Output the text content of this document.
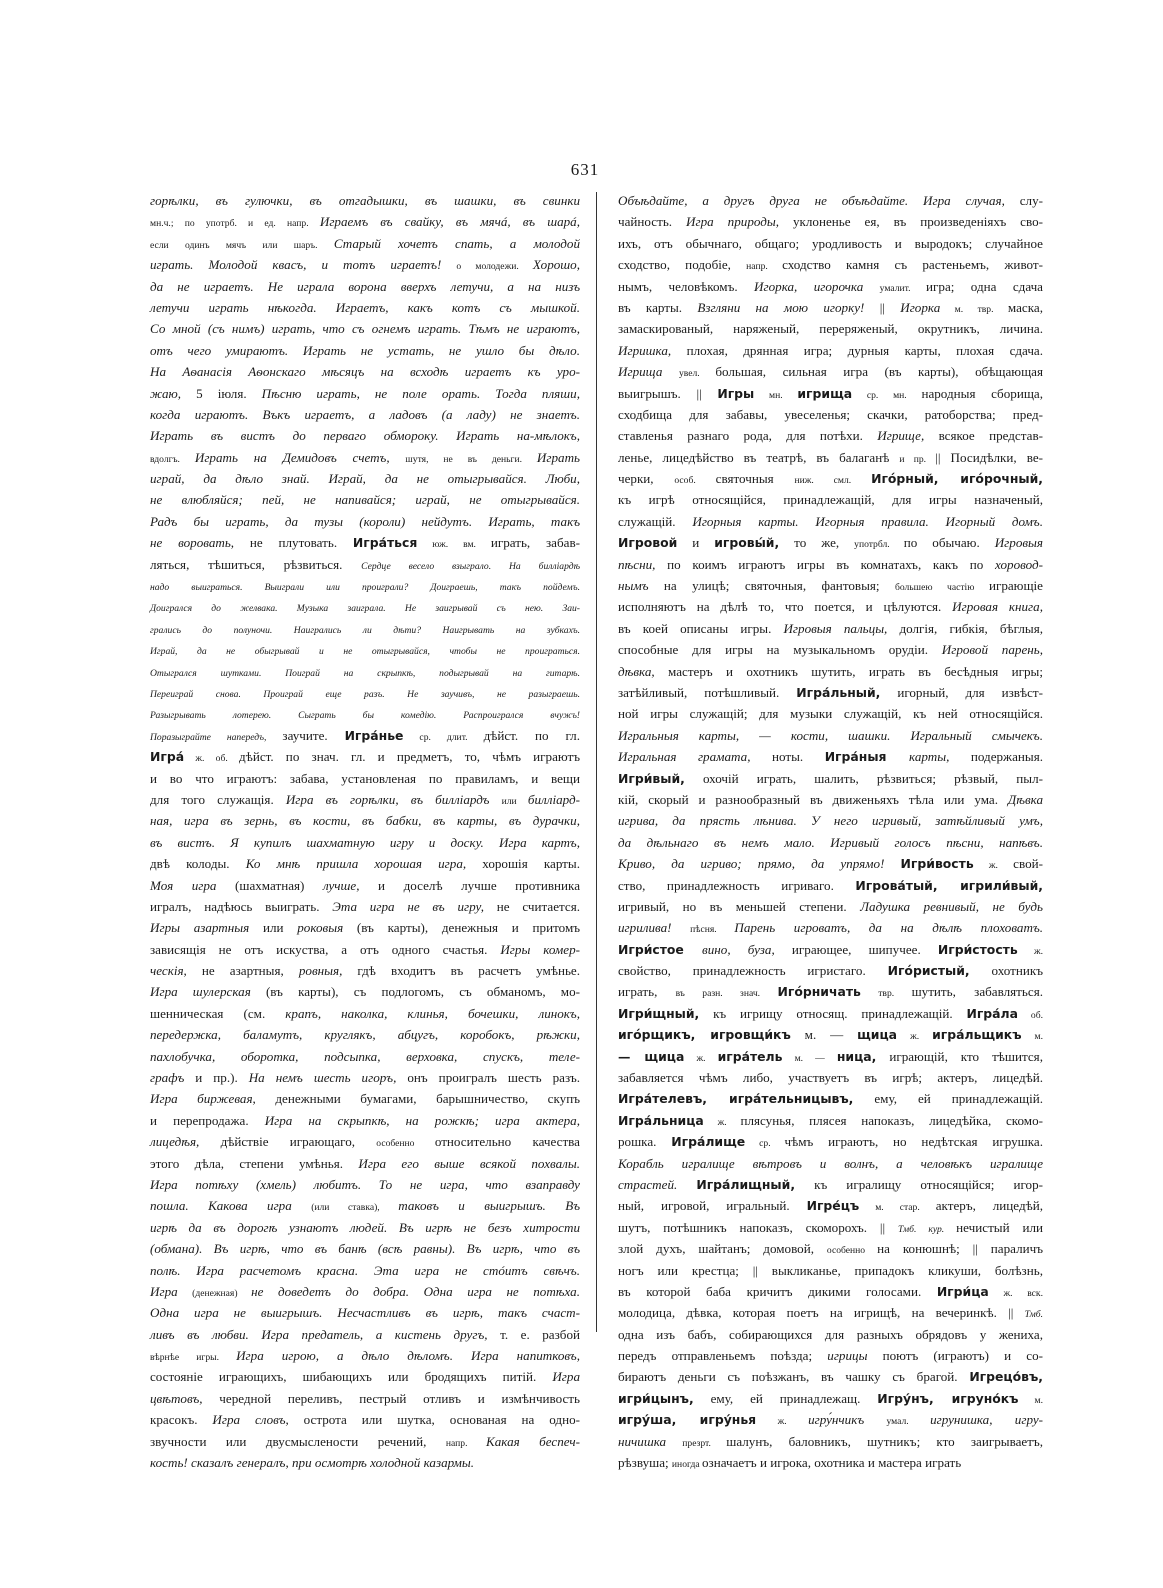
631
горѣлки, въ гулючки, въ отгадышки, въ шашки, въ свинки
мн.ч.; по употрб. и ед. напр. Играемъ въ свайку, въ мячá, въ шарá,
если одинъ мячъ или шаръ. Старый хочетъ спать, а молодой
играть. Молодой квасъ, и тотъ играетъ! о молодежи. Хорошо,
да не играетъ. Не играла ворона вверхъ летучи, а на низъ
летучи играть нѣкогда. Играетъ, какъ котъ съ мышкой.
Со мной (съ нимъ) играть, что съ огнемъ играть. Тѣмъ не играютъ,
отъ чего умираютъ. Играть не устать, не ушло бы дѣло.
На Аѳанасія Аѳонскаго мѣсяцъ на всходѣ играетъ къ уро-
жаю, 5 іюля. Пѣсню играть, не поле орать. Тогда пляши,
когда играютъ. Въкъ играетъ, а ладовъ (а ладу) не знаетъ.
Играть въ вистъ до перваго обмороку. Играть на-мѣлокъ,
вдолгъ. Играть на Демидовъ счетъ, шутя, не въ деньги. Играть
играй, да дѣло знай. Играй, да не отыгрывайся. Люби,
не влюбляйся; пей, не напивайся; играй, не отыгрывайся.
Радъ бы играть, да тузы (короли) нейдутъ. Играть, такъ
не воровать, не плутовать. Игра́ться юж. вм. играть, забав-
ляться, тѣшиться, рѣзвиться. Сердце весело взыграло. На билліардѣ
надо выиграться. Выиграли или проиграли? Доиграешь, такъ пойдемъ.
Доигрался до желвака. Музыка заиграла. Не заигрывай съ нею. Заи-
грались до полуночи. Наигрались ли дѣти? Наигрывать на зубкахъ.
Играй, да не обыгрывай и не отыгрывайся, чтобы не проиграться.
Отыгрался шутками. Поиграй на скрыпкѣ, подыгрывай на гитарѣ.
Переиграй снова. Проиграй еще разъ. Не заучивъ, не разыграешь.
Разыгрывать лотерею. Сыграть бы комедію. Распроигрался вчужъ!
Поразыграйте напередъ, заучите. Игра́нье ср. длит. дѣйст. по гл.
Игра́ ж. об. дѣйст. по знач. гл. и предметъ, то, чѣмъ играютъ
и во что играютъ: забава, установленая по правиламъ, и вещи
для того служащія. Игра въ горѣлки, въ билліардъ или билліард-
ная, игра въ зернь, въ кости, въ бабки, въ карты, въ дурачки,
въ вистъ. Я купилъ шахматную игру и доску. Игра картъ,
двѣ колоды. Ко мнѣ пришла хорошая игра, хорошія карты.
Моя игра (шахматная) лучше, и доселѣ лучше противника
игралъ, надѣюсь выиграть. Эта игра не въ игру, не считается.
Игры азартныя или роковыя (въ карты), денежныя и притомъ
зависящія не отъ искуства, а отъ одного счастья. Игры комер-
ческія, не азартныя, ровныя, гдѣ входитъ въ расчетъ умѣнье.
Игра шулерская (въ карты), съ подлогомъ, съ обманомъ, мо-
шенническая (см. крапъ, наколка, клинья, бочешки, линокъ,
передержка, баламутъ, круглякъ, абцугъ, коробокъ, рѣжки,
пахлобучка, оборотка, подсыпка, верховка, спускъ, теле-
графъ и пр.). На немъ шесть игоръ, онъ проигралъ шесть разъ.
Игра биржевая, денежными бумагами, барышничество, скупъ
и перепродажа. Игра на скрыпкѣ, на рожкѣ; игра актера,
лицедѣя, дѣйствіе играющаго, особенно относительно качества
этого дѣла, степени умѣнья. Игра его выше всякой похвалы.
Игра потѣху (хмель) любитъ. То не игра, что взаправду
пошла. Какова игра (или ставка), таковъ и выигрышъ. Въ
игрѣ да въ дорогѣ узнаютъ людей. Въ игрѣ не безъ хитрости
(обмана). Въ игрѣ, что въ банѣ (всѣ равны). Въ игрѣ, что въ
полѣ. Игра расчетомъ красна. Эта игра не стóитъ свѣчъ.
Игра (денежная) не доведетъ до добра. Одна игра не потѣха.
Одна игра не выигрышъ. Несчастливъ въ игрѣ, такъ счаст-
ливъ въ любви. Игра предатель, а кистень другъ, т. е. разбой
вѣрнѣе игры. Игра игрою, а дѣло дѣломъ. Игра напитковъ,
состояніе играющихъ, шибающихъ или бродящихъ питій. Игра
цвѣтовъ, чередной переливъ, пестрый отливъ и измѣнчивость
красокъ. Игра словъ, острота или шутка, основаная на одно-
звучности или двусмыслености речений, напр. Какая беспеч-
кость! сказалъ генералъ, при осмотрѣ холодной казармы.
Объѣдайте, а другъ друга не объѣдайте. Игра случая, слу-
чайность. Игра природы, уклоненье ея, въ произведеніяхъ сво-
ихъ, отъ обычнаго, общаго; уродливость и выродокъ; случайное
сходство, подобіе, напр. сходство камня съ растеньемъ, живот-
нымъ, человѣкомъ. Игорка, игорочка умалит. игра; одна сдача
въ карты. Взгляни на мою игорку! || Игорка м. твр. маска,
замаскированый, наряженый, переряженый, окрутникъ, личина.
Игришка, плохая, дрянная игра; дурныя карты, плохая сдача.
Игрища увел. большая, сильная игра (въ карты), обѣщающая
выигрышъ. || Игры мн. игрища ср. мн. народныя сборища,
сходбища для забавы, увеселенья; скачки, ратоборства; пред-
ставленья разнаго рода, для потѣхи. Игрище, всякое представ-
ленье, лицедѣйство въ театрѣ, въ балаганѣ и пр. || Посидѣлки, ве-
черки, особ. святочныя ниж. смл. Игóрный, игóрочный,
къ игрѣ относящійся, принадлежащій, для игры назначеный,
служащій. Игорныя карты. Игорныя правила. Игорный домъ.
Игровой и игровы́й, то же, употрбл. по обычаю. Игровыя
пѣсни, по коимъ играютъ игры въ комнатахъ, какъ по хоровод-
нымъ на улицѣ; святочныя, фантовыя; большею частію играющіе
исполняютъ на дѣлѣ то, что поется, и цѣлуются. Игровая книга,
въ коей описаны игры. Игровыя пальцы, долгія, гибкія, бѣглыя,
способные для игры на музыкальномъ орудіи. Игровой парень,
дѣвка, мастеръ и охотникъ шутить, играть въ бесѣдныя игры;
затѣйливый, потѣшливый. Игра́льный, игорный, для извѣст-
ной игры служащій; для музыки служащій, къ ней относящійся.
Игральныя карты, — кости, шашки. Игральный смычекъ.
Игральная грамата, ноты. Игра́ныя карты, подержаныя.
Игри́вый, охочій играть, шалить, рѣзвиться; рѣзвый, пыл-
кій, скорый и разнообразный въ движеньяхъ тѣла или ума. Дѣвка
игрива, да прясть лѣнива. У него игривый, затѣйливый умъ,
да дѣльнаго въ немъ мало. Игривый голосъ пѣсни, напѣвъ.
Криво, да игриво; прямо, да упрямо! Игри́вость ж. свой-
ство, принадлежность игриваго. Игрова́тый, игрили́вый,
игривый, но въ меньшей степени. Ладушка ревнивый, не будь
игрилива! пѣсня. Парень игроватъ, да на дѣлѣ плоховатъ.
Игри́стое вино, буза, играющее, шипучее. Игри́стость ж.
свойство, принадлежность игристаго. Игóристый, охотникъ
играть, въ разн. знач. Игóрничать твр. шутить, забавляться.
Игри́щный, къ игрищу относящ. принадлежащій. Игра́ла об.
игóрщикъ, игровщи́къ м. — щица ж. игра́льщикъ м.
— щица ж. игра́тель м. — ница, играющій, кто тѣшится,
забавляется чѣмъ либо, участвуетъ въ игрѣ; актеръ, лицедѣй.
Игра́телевъ, игра́тельницывъ, ему, ей принадлежащій.
Игра́льница ж. плясунья, плясея напоказъ, лицедѣйка, скомо-
рошка. Игра́лище ср. чѣмъ играютъ, но недѣтская игрушка.
Корабль игралище вѣтровъ и волнъ, а человѣкъ игралище
страстей. Игра́лищный, къ игралищу относящійся; игор-
ный, игровой, игральный. Игре́цъ м. стар. актеръ, лицедѣй,
шутъ, потѣшникъ напоказъ, скоморохъ. || Тмб. кур. нечистый или
злой духъ, шайтанъ; домовой, особенно на конюшнѣ; || параличъ
ногъ или крестца; || выкликанье, припадокъ кликуши, болѣзнь,
въ которой баба кричитъ дикими голосами. Игри́ца ж. вск.
молодица, дѣвка, которая поетъ на игрищѣ, на вечеринкѣ. || Тмб.
одна изъ бабъ, собирающихся для разныхъ обрядовъ у жениха,
передъ отправленьемъ поѣзда; игрицы поютъ (играютъ) и со-
бираютъ деньги съ поѣзжанъ, въ чашку съ брагой. Игрецо́въ,
игри́цынъ, ему, ей принадлежащ. Игру́нъ, игруно́къ м.
игру́ша, игру́нья ж. игру́нчикъ умал. игрунишка, игру-
ничишка презрт. шалунъ, баловникъ, шутникъ; кто заигрываетъ,
рѣзвуша; иногда означаетъ и игрока, охотника и мастера играть
